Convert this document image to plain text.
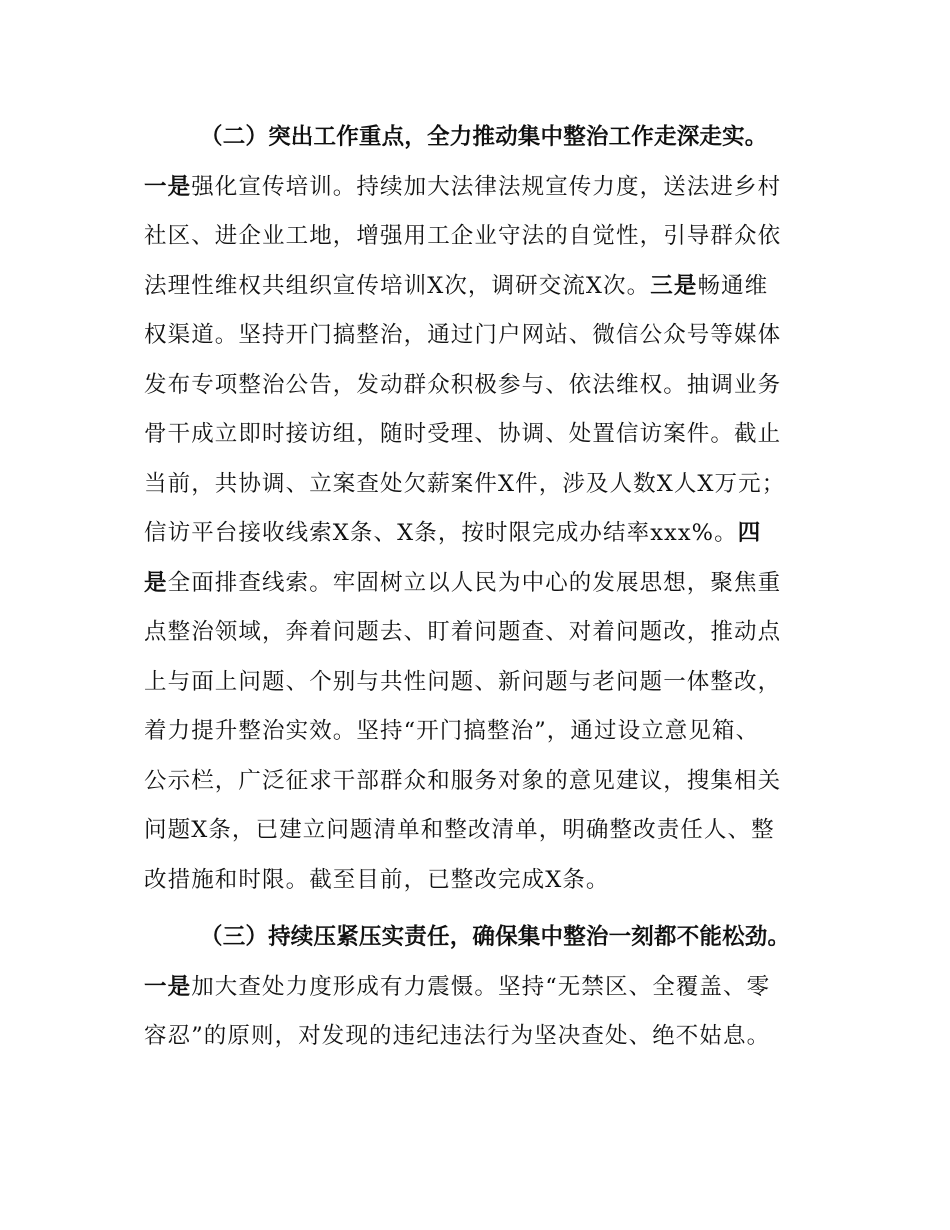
（二）突出工作重点，全力推动集中整治工作走深走实。
一是强化宣传培训。持续加大法律法规宣传力度，送法进乡村
社区、进企业工地，增强用工企业守法的自觉性，引导群众依
法理性维权共组织宣传培训X次，调研交流X次。三是畅通维
权渠道。坚持开门搞整治，通过门户网站、微信公众号等媒体
发布专项整治公告，发动群众积极参与、依法维权。抽调业务
骨干成立即时接访组，随时受理、协调、处置信访案件。截止
当前，共协调、立案查处欠薪案件X件，涉及人数X人X万元；
信访平台接收线索X条、X条，按时限完成办结率xxx%。四
是全面排查线索。牢固树立以人民为中心的发展思想，聚焦重
点整治领域，奔着问题去、盯着问题查、对着问题改，推动点
上与面上问题、个别与共性问题、新问题与老问题一体整改，
着力提升整治实效。坚持“开门搞整治”，通过设立意见箱、
公示栏，广泛征求干部群众和服务对象的意见建议，搜集相关
问题X条，已建立问题清单和整改清单，明确整改责任人、整
改措施和时限。截至目前，已整改完成X条。
（三）持续压紧压实责任，确保集中整治一刻都不能松劲。
一是加大查处力度形成有力震慑。坚持“无禁区、全覆盖、零
容忍”的原则，对发现的违纪违法行为坚决查处、绝不姑息。
